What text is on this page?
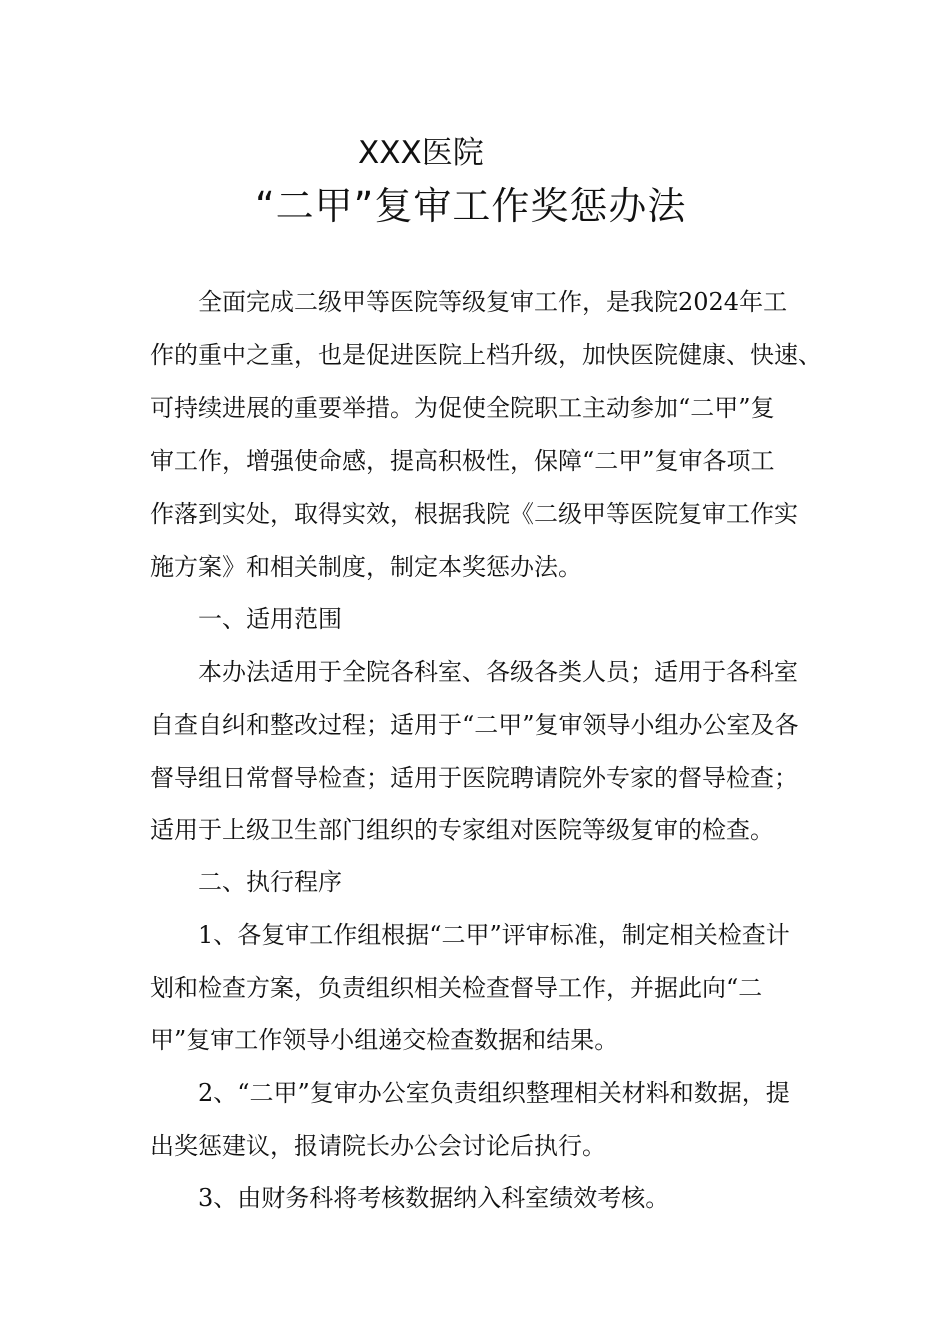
XXX医院
“二甲”复审工作奖惩办法
全面完成二级甲等医院等级复审工作，是我院2024年工
作的重中之重，也是促进医院上档升级，加快医院健康、快速、
可持续进展的重要举措。为促使全院职工主动参加“二甲”复
审工作，增强使命感，提高积极性，保障“二甲”复审各项工
作落到实处，取得实效，根据我院《二级甲等医院复审工作实
施方案》和相关制度，制定本奖惩办法。
一、适用范围
本办法适用于全院各科室、各级各类人员；适用于各科室
自查自纠和整改过程；适用于“二甲”复审领导小组办公室及各
督导组日常督导检查；适用于医院聘请院外专家的督导检查；
适用于上级卫生部门组织的专家组对医院等级复审的检查。
二、执行程序
1、各复审工作组根据“二甲”评审标准，制定相关检查计
划和检查方案，负责组织相关检查督导工作，并据此向“二
甲”复审工作领导小组递交检查数据和结果。
2、“二甲”复审办公室负责组织整理相关材料和数据，提
出奖惩建议，报请院长办公会讨论后执行。
3、由财务科将考核数据纳入科室绩效考核。
